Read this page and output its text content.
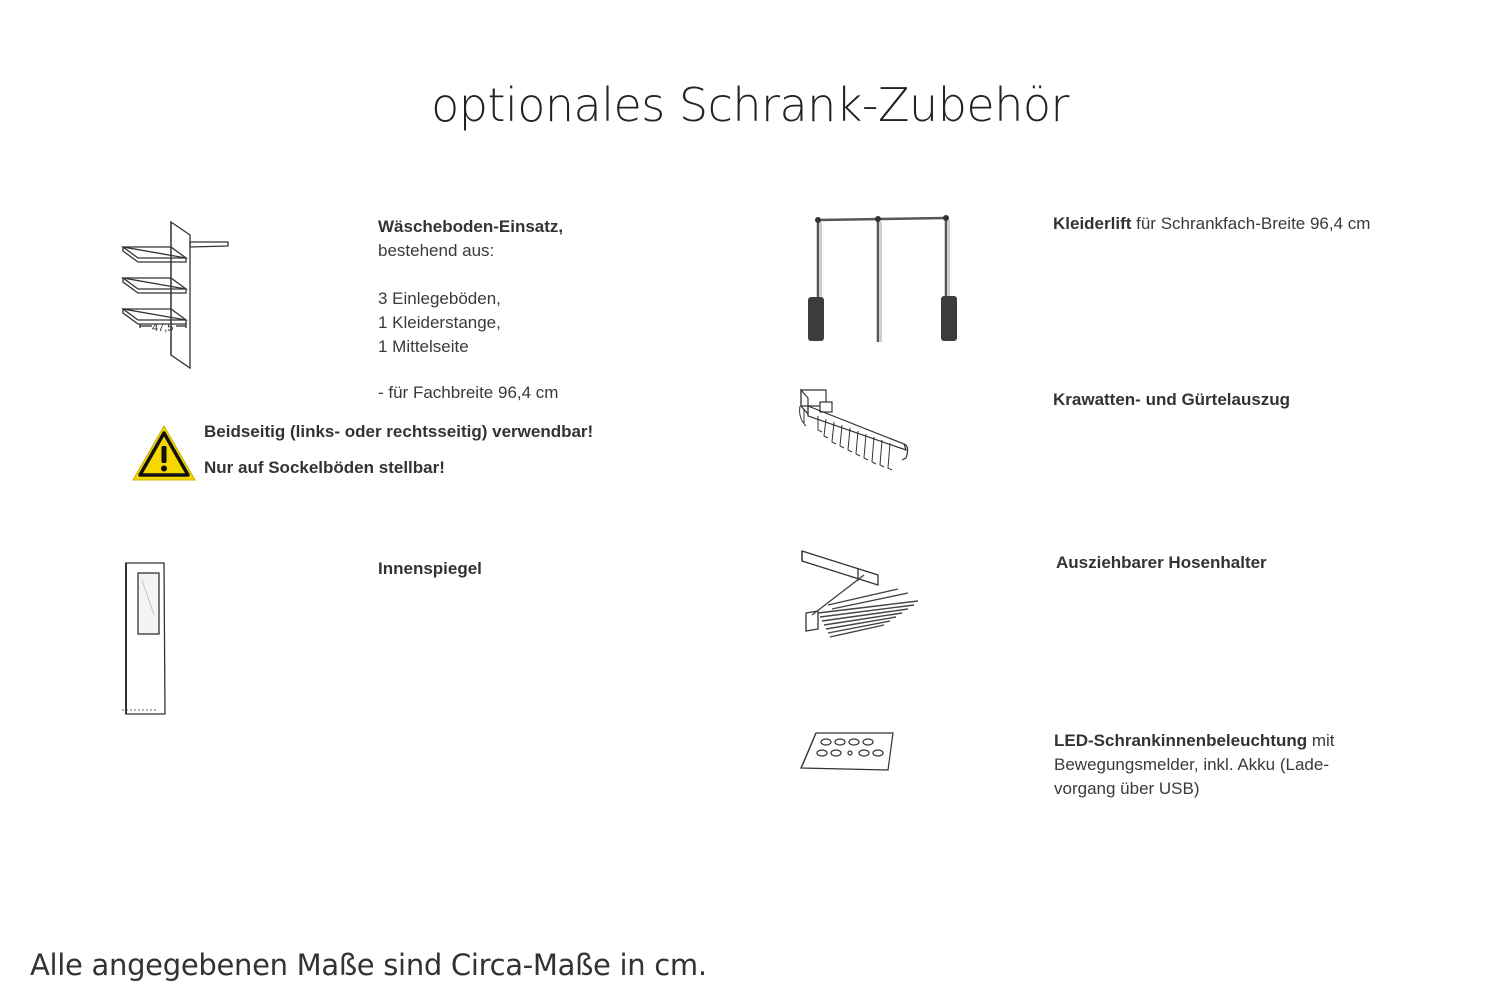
optionales Schrank-Zubehör
47,5
Wäscheboden-Einsatz,
bestehend aus:
3 Einlegeböden,
1 Kleiderstange,
1 Mittelseite
- für Fachbreite 96,4 cm
Beidseitig (links- oder rechtsseitig) verwendbar!
Nur auf Sockelböden stellbar!
Innenspiegel
Kleiderlift für Schrankfach-Breite 96,4 cm
Krawatten- und Gürtelauszug
Ausziehbarer Hosenhalter
LED-Schrankinnenbeleuchtung mit
Bewegungsmelder, inkl. Akku (Lade-
vorgang über USB)
Alle angegebenen Maße sind Circa-Maße in cm.
